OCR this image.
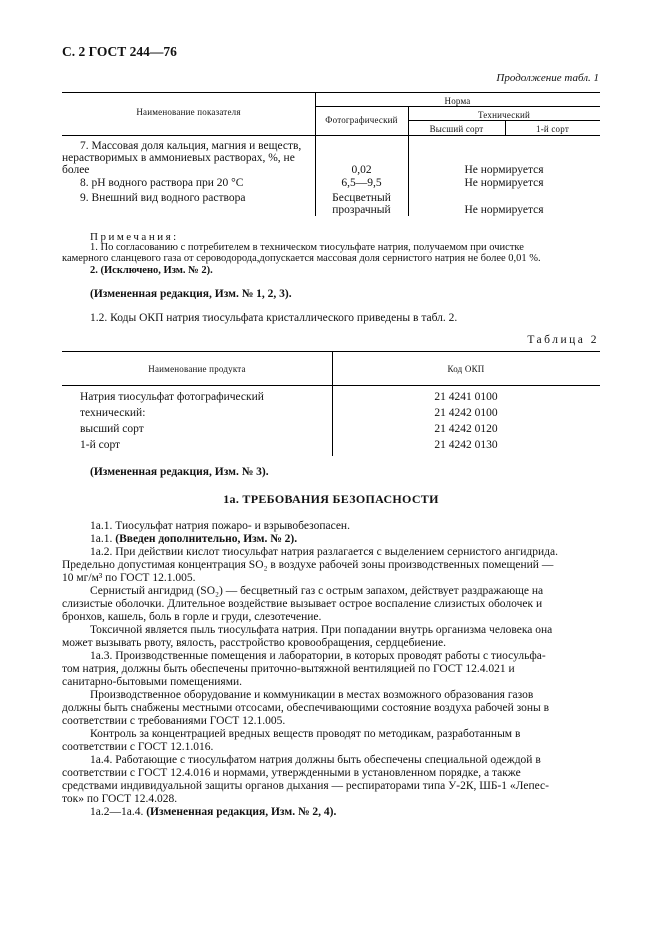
С. 2 ГОСТ 244—76
Продолжение табл. 1
Наименование показателя
Норма
Фотографический	Технический
Высший сорт	1-й сорт
7. Массовая доля кальция, магния и веществ,
нерастворимых в аммониевых растворах, %, не
более	0,02	Не нормируется
8. pH водного раствора при 20 °С	6,5—9,5	Не нормируется
9. Внешний вид водного раствора	Бесцветный
прозрачный	Не нормируется
Примечания:
1. По согласованию с потребителем в техническом тиосульфате натрия, получаемом при очистке
камерного сланцевого газа от сероводорода,допускается массовая доля сернистого натрия не более 0,01 %.
2. (Исключено, Изм. № 2).
(Измененная редакция, Изм. № 1, 2, 3).
1.2. Коды ОКП натрия тиосульфата кристаллического приведены в табл. 2.
Таблица 2
Наименование продукта	Код ОКП
Натрия тиосульфат фотографический	21 4241 0100
технический:	21 4242 0100
высший сорт	21 4242 0120
1-й сорт	21 4242 0130
(Измененная редакция, Изм. № 3).
1а. ТРЕБОВАНИЯ БЕЗОПАСНОСТИ
1а.1. Тиосульфат натрия пожаро- и взрывобезопасен.
1а.1. (Введен дополнительно, Изм. № 2).
1а.2. При действии кислот тиосульфат натрия разлагается с выделением сернистого ангидрида.
Предельно допустимая концентрация SO₂ в воздухе рабочей зоны производственных помещений —
10 мг/м³ по ГОСТ 12.1.005.
Сернистый ангидрид (SO₂) — бесцветный газ с острым запахом, действует раздражающе на
слизистые оболочки. Длительное воздействие вызывает острое воспаление слизистых оболочек и
бронхов, кашель, боль в горле и груди, слезотечение.
Токсичной является пыль тиосульфата натрия. При попадании внутрь организма человека она
может вызывать рвоту, вялость, расстройство кровообращения, сердцебиение.
1а.3. Производственные помещения и лаборатории, в которых проводят работы с тиосульфа-
том натрия, должны быть обеспечены приточно-вытяжной вентиляцией по ГОСТ 12.4.021 и
санитарно-бытовыми помещениями.
Производственное оборудование и коммуникации в местах возможного образования газов
должны быть снабжены местными отсосами, обеспечивающими состояние воздуха рабочей зоны в
соответствии с требованиями ГОСТ 12.1.005.
Контроль за концентрацией вредных веществ проводят по методикам, разработанным в
соответствии с ГОСТ 12.1.016.
1а.4. Работающие с тиосульфатом натрия должны быть обеспечены специальной одеждой в
соответствии с ГОСТ 12.4.016 и нормами, утвержденными в установленном порядке, а также
средствами индивидуальной защиты органов дыхания — респираторами типа У-2К, ШБ-1 «Лепес-
ток» по ГОСТ 12.4.028.
1а.2—1а.4. (Измененная редакция, Изм. № 2, 4).
